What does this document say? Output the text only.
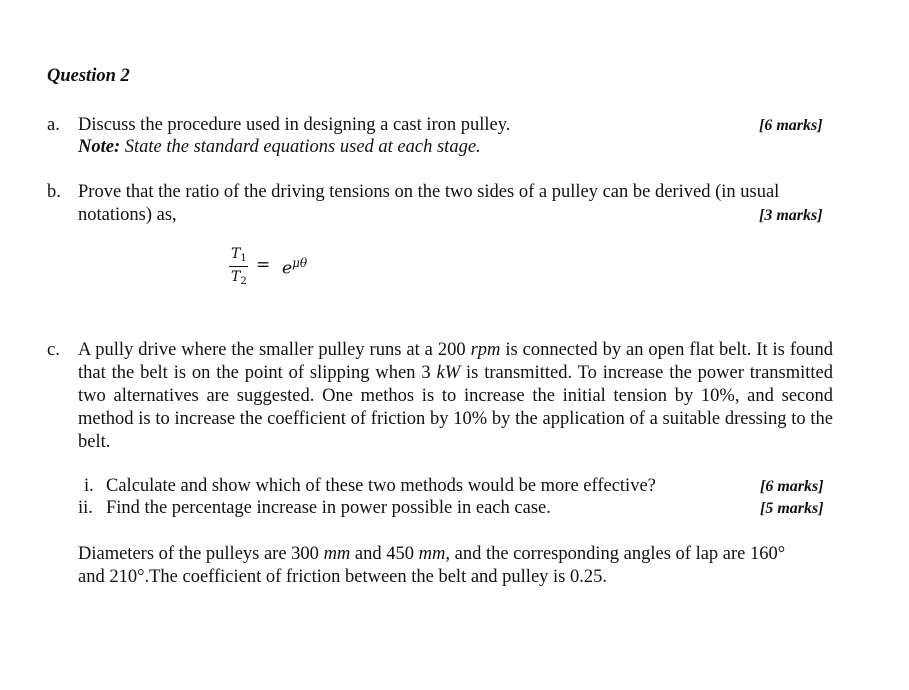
Question 2
a. Discuss the procedure used in designing a cast iron pulley.	[6 marks]
Note: State the standard equations used at each stage.
b. Prove that the ratio of the driving tensions on the two sides of a pulley can be derived (in usual
notations) as,	[3 marks]
$T_1$
$T_2$
= $e^{\mu\theta}$
c. A pully drive where the smaller pulley runs at a 200 rpm is connected by an open flat belt. It is found that the belt is on the point of slipping when 3 kW is transmitted. To increase the power transmitted two alternatives are suggested. One methos is to increase the initial tension by 10%, and second method is to increase the coefficient of friction by 10% by the application of a suitable dressing to the belt.
i. Calculate and show which of these two methods would be more effective?	[6 marks]
ii. Find the percentage increase in power possible in each case.	[5 marks]
Diameters of the pulleys are 300 mm and 450 mm, and the corresponding angles of lap are 160°
and 210°.The coefficient of friction between the belt and pulley is 0.25.
